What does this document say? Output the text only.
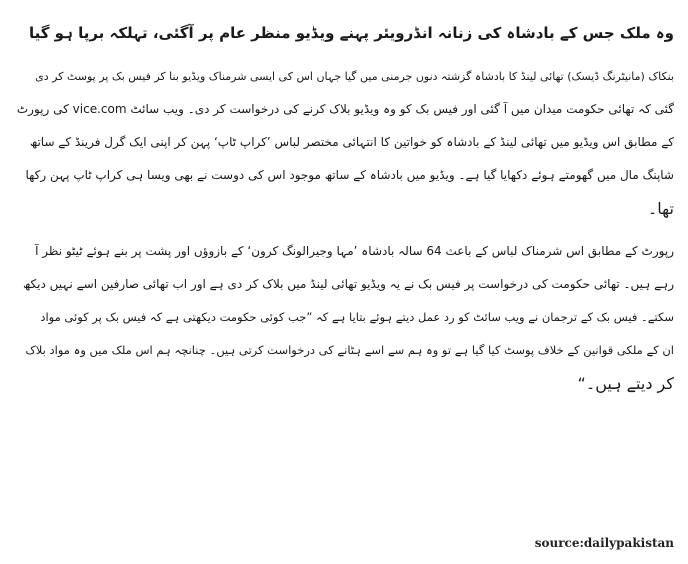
وہ ملک جس کے بادشاہ کی زنانہ انڈرویئر پہنے ویڈیو منظر عام پر آگئی، تہلکہ برپا ہو گیا
بنکاک (مانیٹرنگ ڈیسک) تھائی لینڈ کا بادشاہ گزشتہ دنوں جرمنی میں گیا جہاں اس کی ایسی شرمناک ویڈیو بنا کر فیس بک پر پوسٹ کر دی
گئی کہ تھائی حکومت میدان میں آ گئی اور فیس بک کو وہ ویڈیو بلاک کرنے کی درخواست کر دی۔ ویب سائٹ vice.com کی رپورٹ
کے مطابق اس ویڈیو میں تھائی لینڈ کے بادشاہ کو خواتین کا انتہائی مختصر لباس ’کراپ ٹاپ‘ پہن کر اپنی ایک گرل فرینڈ کے ساتھ
شاپنگ مال میں گھومتے ہوئے دکھایا گیا ہے۔ ویڈیو میں بادشاہ کے ساتھ موجود اس کی دوست نے بھی ویسا ہی کراپ ٹاپ پہن رکھا
تھا۔
رپورٹ کے مطابق اس شرمناک لباس کے باعث 64 سالہ بادشاہ ’مہا وجیرالونگ کرون‘ کے بازوؤں اور پشت پر بنے ہوئے ٹیٹو نظر آ
رہے ہیں۔ تھائی حکومت کی درخواست پر فیس بک نے یہ ویڈیو تھائی لینڈ میں بلاک کر دی ہے اور اب تھائی صارفین اسے نہیں دیکھ
سکتے۔ فیس بک کے ترجمان نے ویب سائٹ کو رد عمل دیتے ہوئے بتایا ہے کہ ”جب کوئی حکومت دیکھتی ہے کہ فیس بک پر کوئی مواد
ان کے ملکی قوانین کے خلاف پوسٹ کیا گیا ہے تو وہ ہم سے اسے ہٹانے کی درخواست کرتی ہیں۔ چنانچہ ہم اس ملک میں وہ مواد بلاک
کر دیتے ہیں۔“
source:dailypakistan
